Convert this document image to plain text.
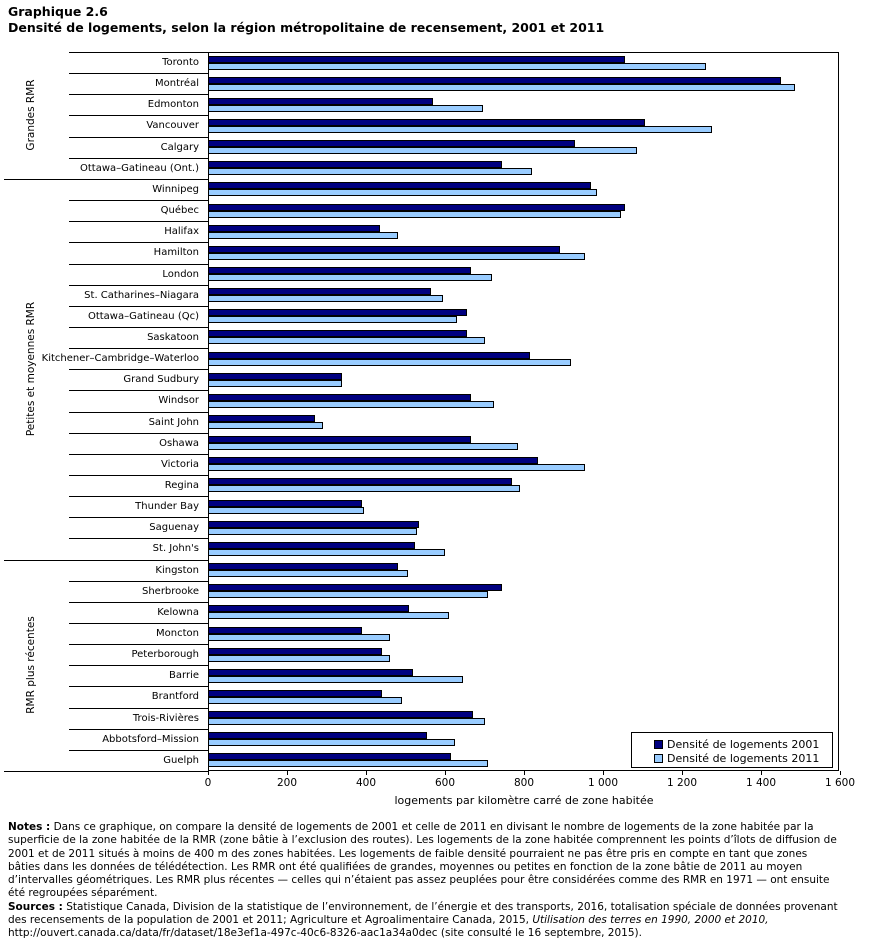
Graphique 2.6
Densité de logements, selon la région métropolitaine de recensement, 2001 et 2011
Toronto
Montréal
Edmonton
Vancouver
Calgary
Ottawa–Gatineau (Ont.)
Winnipeg
Québec
Halifax
Hamilton
London
St. Catharines–Niagara
Ottawa–Gatineau (Qc)
Saskatoon
Kitchener–Cambridge–Waterloo
Grand Sudbury
Windsor
Saint John
Oshawa
Victoria
Regina
Thunder Bay
Saguenay
St. John's
Kingston
Sherbrooke
Kelowna
Moncton
Peterborough
Barrie
Brantford
Trois-Rivières
Abbotsford–Mission
Guelph
Grandes RMR
Petites et moyennes RMR
RMR plus récentes
0	200	400	600	800	1 000	1 200	1 400	1 600
logements par kilomètre carré de zone habitée
Densité de logements 2001
Densité de logements 2011
Notes : Dans ce graphique, on compare la densité de logements de 2001 et celle de 2011 en divisant le nombre de logements de la zone habitée par la
superficie de la zone habitée de la RMR (zone bâtie à l’exclusion des routes). Les logements de la zone habitée comprennent les points d’îlots de diffusion de
2001 et de 2011 situés à moins de 400 m des zones habitées. Les logements de faible densité pourraient ne pas être pris en compte en tant que zones
bâties dans les données de télédétection. Les RMR ont été qualifiées de grandes, moyennes ou petites en fonction de la zone bâtie de 2011 au moyen
d’intervalles géométriques. Les RMR plus récentes — celles qui n’étaient pas assez peuplées pour être considérées comme des RMR en 1971 — ont ensuite
été regroupées séparément.
Sources : Statistique Canada, Division de la statistique de l’environnement, de l’énergie et des transports, 2016, totalisation spéciale de données provenant
des recensements de la population de 2001 et 2011; Agriculture et Agroalimentaire Canada, 2015, Utilisation des terres en 1990, 2000 et 2010,
http://ouvert.canada.ca/data/fr/dataset/18e3ef1a-497c-40c6-8326-aac1a34a0dec (site consulté le 16 septembre, 2015).
